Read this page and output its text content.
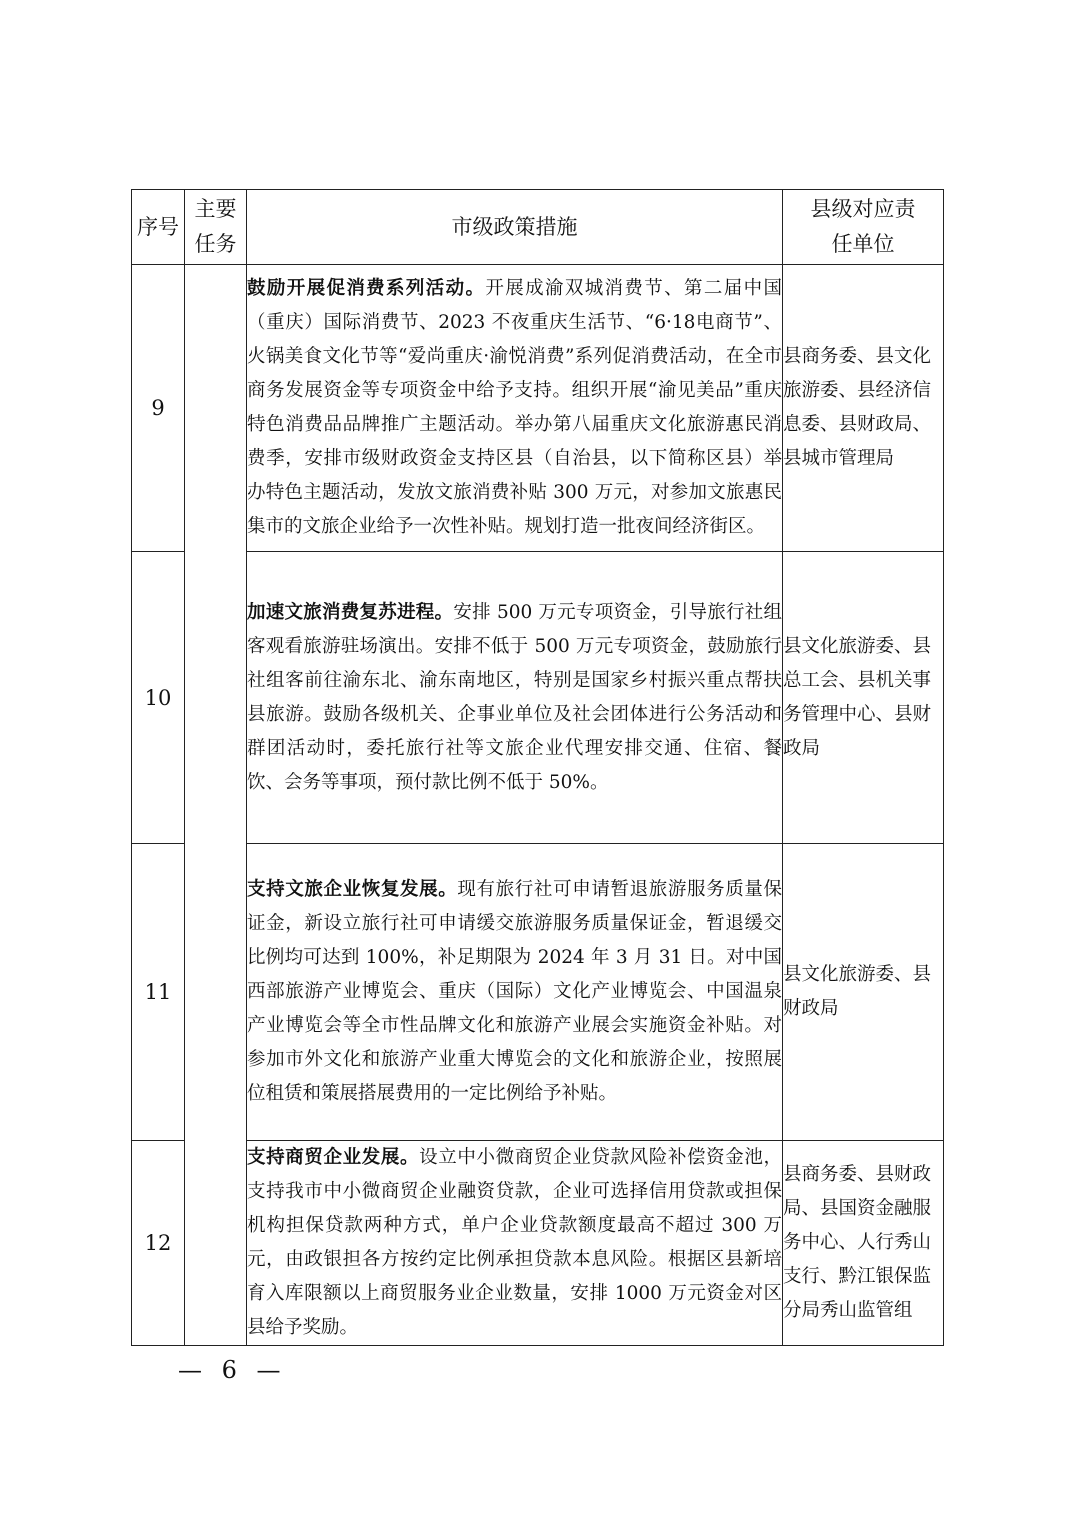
序号	主要任务	市级政策措施	县级对应责任单位
9		鼓励开展促消费系列活动。开展成渝双城消费节、第二届中国（重庆）国际消费节、2023 不夜重庆生活节、“6·18电商节”、火锅美食文化节等“爱尚重庆·渝悦消费”系列促消费活动，在全市商务发展资金等专项资金中给予支持。组织开展“渝见美品”重庆特色消费品品牌推广主题活动。举办第八届重庆文化旅游惠民消费季，安排市级财政资金支持区县（自治县，以下简称区县）举办特色主题活动，发放文旅消费补贴 300 万元，对参加文旅惠民集市的文旅企业给予一次性补贴。规划打造一批夜间经济街区。	县商务委、县文化旅游委、县经济信息委、县财政局、县城市管理局
10		加速文旅消费复苏进程。安排 500 万元专项资金，引导旅行社组客观看旅游驻场演出。安排不低于 500 万元专项资金，鼓励旅行社组客前往渝东北、渝东南地区，特别是国家乡村振兴重点帮扶县旅游。鼓励各级机关、企事业单位及社会团体进行公务活动和群团活动时，委托旅行社等文旅企业代理安排交通、住宿、餐饮、会务等事项，预付款比例不低于 50%。	县文化旅游委、县总工会、县机关事务管理中心、县财政局
11		支持文旅企业恢复发展。现有旅行社可申请暂退旅游服务质量保证金，新设立旅行社可申请缓交旅游服务质量保证金，暂退缓交比例均可达到 100%，补足期限为 2024 年 3 月 31 日。对中国西部旅游产业博览会、重庆（国际）文化产业博览会、中国温泉产业博览会等全市性品牌文化和旅游产业展会实施资金补贴。对参加市外文化和旅游产业重大博览会的文化和旅游企业，按照展位租赁和策展搭展费用的一定比例给予补贴。	县文化旅游委、县财政局
12		支持商贸企业发展。设立中小微商贸企业贷款风险补偿资金池，支持我市中小微商贸企业融资贷款，企业可选择信用贷款或担保机构担保贷款两种方式，单户企业贷款额度最高不超过 300 万元，由政银担各方按约定比例承担贷款本息风险。根据区县新培育入库限额以上商贸服务业企业数量，安排 1000 万元资金对区县给予奖励。	县商务委、县财政局、县国资金融服务中心、人行秀山支行、黔江银保监分局秀山监管组
— 6 —
